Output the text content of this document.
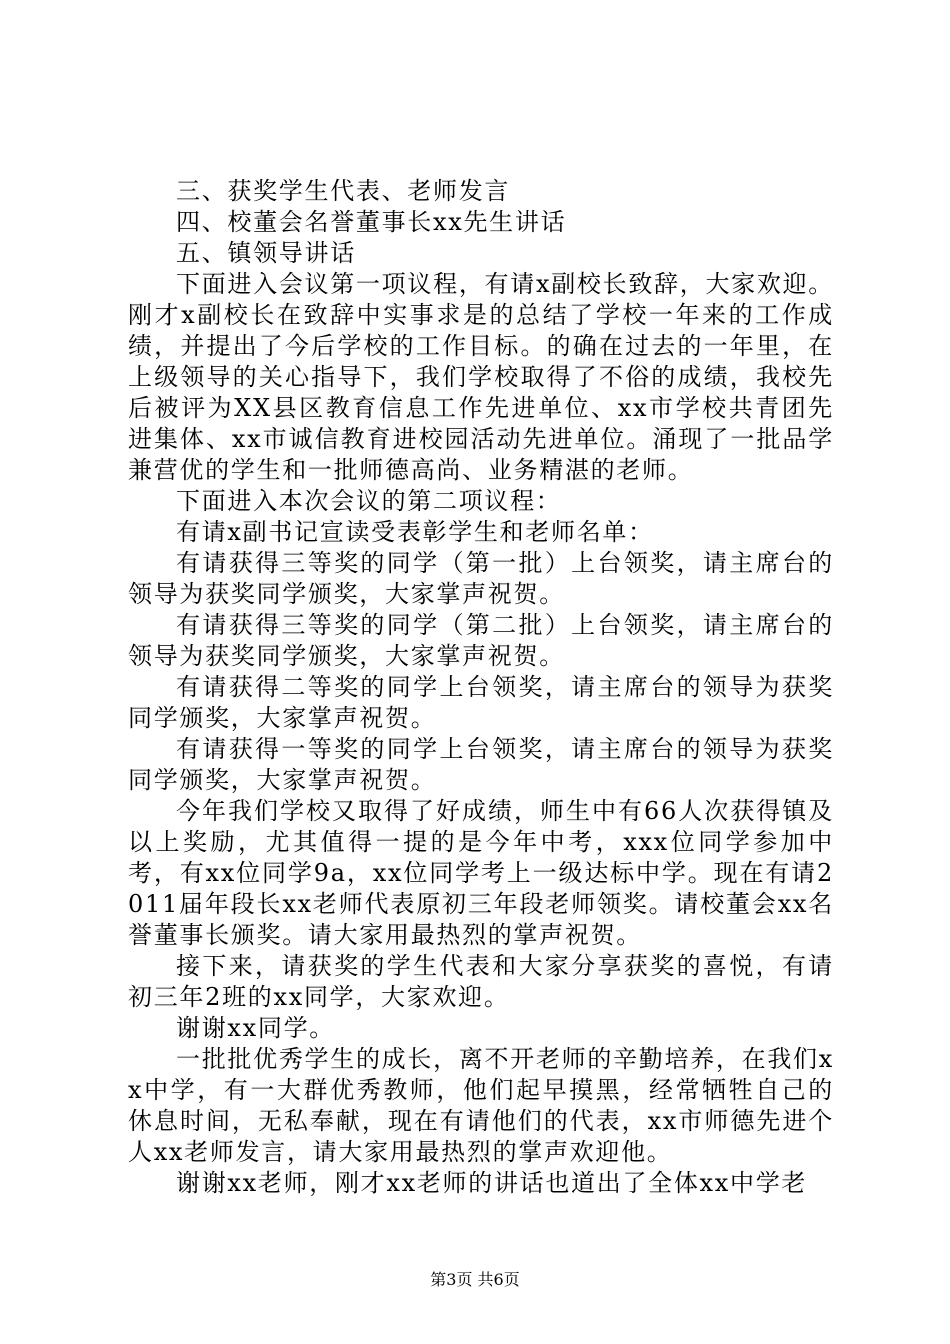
三、获奖学生代表、老师发言

四、校董会名誉董事长xx先生讲话

五、镇领导讲话

下面进入会议第一项议程，有请x副校长致辞，大家欢迎。刚才x副校长在致辞中实事求是的总结了学校一年来的工作成绩，并提出了今后学校的工作目标。的确在过去的一年里，在上级领导的关心指导下，我们学校取得了不俗的成绩，我校先后被评为XX县区教育信息工作先进单位、xx市学校共青团先进集体、xx市诚信教育进校园活动先进单位。涌现了一批品学兼营优的学生和一批师德高尚、业务精湛的老师。

下面进入本次会议的第二项议程：

有请x副书记宣读受表彰学生和老师名单：

有请获得三等奖的同学（第一批）上台领奖，请主席台的领导为获奖同学颁奖，大家掌声祝贺。

有请获得三等奖的同学（第二批）上台领奖，请主席台的领导为获奖同学颁奖，大家掌声祝贺。

有请获得二等奖的同学上台领奖，请主席台的领导为获奖同学颁奖，大家掌声祝贺。

有请获得一等奖的同学上台领奖，请主席台的领导为获奖同学颁奖，大家掌声祝贺。

今年我们学校又取得了好成绩，师生中有66人次获得镇及以上奖励，尤其值得一提的是今年中考，xxx位同学参加中考，有xx位同学9a，xx位同学考上一级达标中学。现在有请2011届年段长xx老师代表原初三年段老师领奖。请校董会xx名誉董事长颁奖。请大家用最热烈的掌声祝贺。

接下来，请获奖的学生代表和大家分享获奖的喜悦，有请初三年2班的xx同学，大家欢迎。

谢谢xx同学。

一批批优秀学生的成长，离不开老师的辛勤培养，在我们xx中学，有一大群优秀教师，他们起早摸黑，经常牺牲自己的休息时间，无私奉献，现在有请他们的代表，xx市师德先进个人xx老师发言，请大家用最热烈的掌声欢迎他。

谢谢xx老师，刚才xx老师的讲话也道出了全体xx中学老

第3页 共6页
